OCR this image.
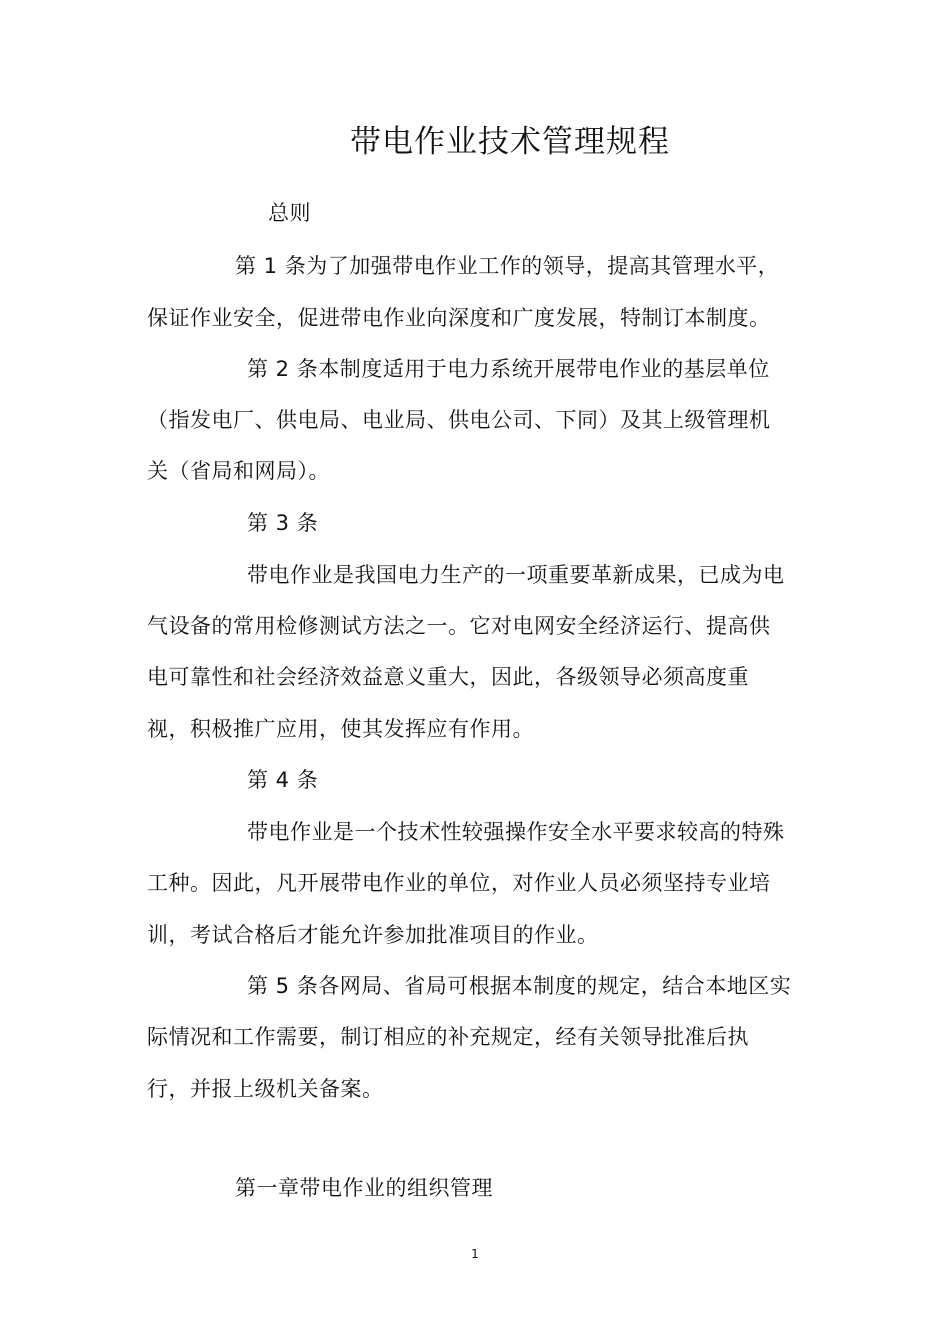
带电作业技术管理规程
总则
第 1 条为了加强带电作业工作的领导，提高其管理水平，
保证作业安全，促进带电作业向深度和广度发展，特制订本制度。
第 2 条本制度适用于电力系统开展带电作业的基层单位
（指发电厂、供电局、电业局、供电公司、下同）及其上级管理机
关（省局和网局）。
第 3 条
带电作业是我国电力生产的一项重要革新成果，已成为电
气设备的常用检修测试方法之一。它对电网安全经济运行、提高供
电可靠性和社会经济效益意义重大，因此，各级领导必须高度重
视，积极推广应用，使其发挥应有作用。
第 4 条
带电作业是一个技术性较强操作安全水平要求较高的特殊
工种。因此，凡开展带电作业的单位，对作业人员必须坚持专业培
训，考试合格后才能允许参加批准项目的作业。
第 5 条各网局、省局可根据本制度的规定，结合本地区实
际情况和工作需要，制订相应的补充规定，经有关领导批准后执
行，并报上级机关备案。
第一章带电作业的组织管理
1
